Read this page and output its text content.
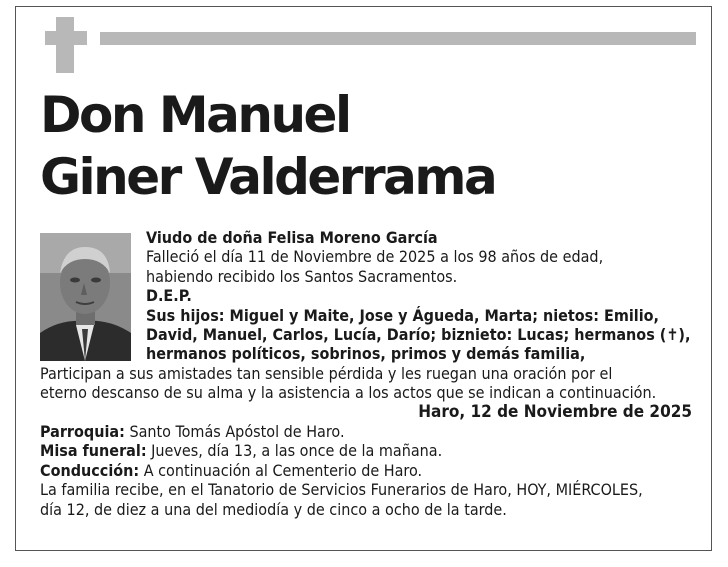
Don Manuel
Giner Valderrama
Viudo de doña Felisa Moreno García
Falleció el día 11 de Noviembre de 2025 a los 98 años de edad,
habiendo recibido los Santos Sacramentos.
D.E.P.
Sus hijos: Miguel y Maite, Jose y Águeda, Marta; nietos: Emilio,
David, Manuel, Carlos, Lucía, Darío; biznieto: Lucas; hermanos (✝),
hermanos políticos, sobrinos, primos y demás familia,
Participan a sus amistades tan sensible pérdida y les ruegan una oración por el
eterno descanso de su alma y la asistencia a los actos que se indican a continuación.
Haro, 12 de Noviembre de 2025
Parroquia: Santo Tomás Apóstol de Haro.
Misa funeral: Jueves, día 13, a las once de la mañana.
Conducción: A continuación al Cementerio de Haro.
La familia recibe, en el Tanatorio de Servicios Funerarios de Haro, HOY, MIÉRCOLES,
día 12, de diez a una del mediodía y de cinco a ocho de la tarde.
